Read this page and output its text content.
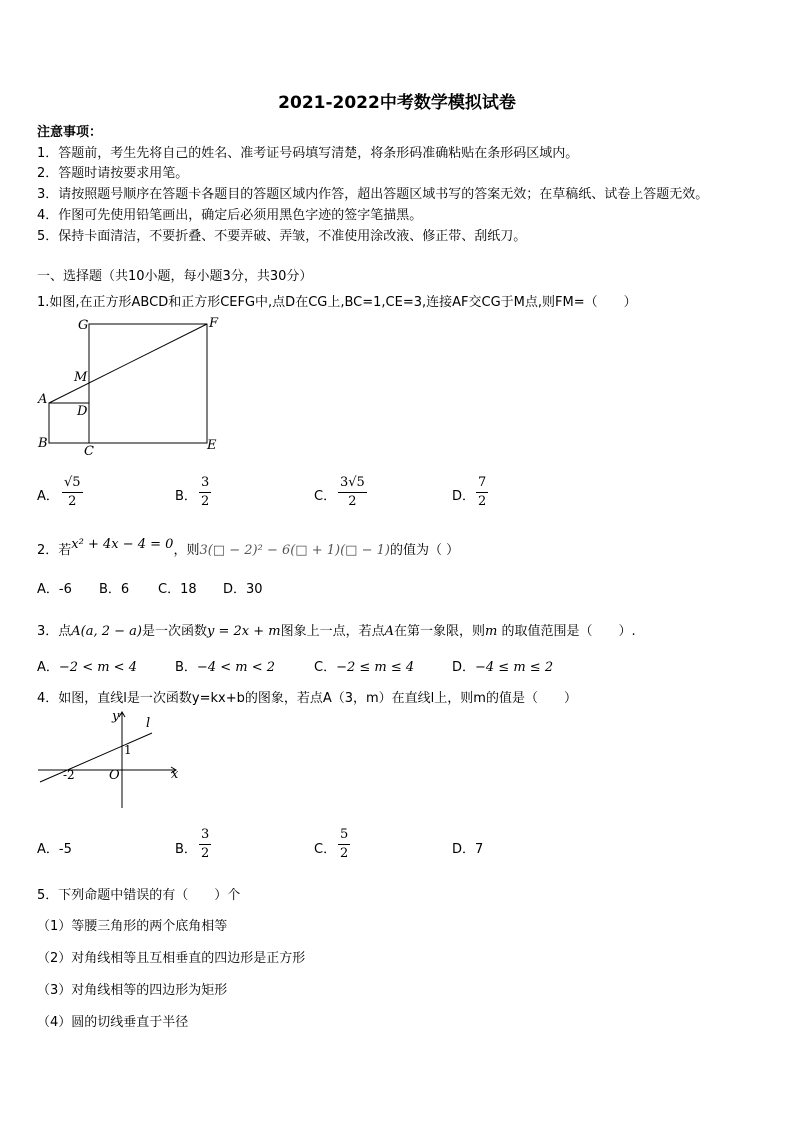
2021-2022中考数学模拟试卷
注意事项：
1．答题前，考生先将自己的姓名、准考证号码填写清楚，将条形码准确粘贴在条形码区域内。
2．答题时请按要求用笔。
3．请按照题号顺序在答题卡各题目的答题区域内作答，超出答题区域书写的答案无效；在草稿纸、试卷上答题无效。
4．作图可先使用铅笔画出，确定后必须用黑色字迹的签字笔描黑。
5．保持卡面清洁，不要折叠、不要弄破、弄皱，不准使用涂改液、修正带、刮纸刀。
一、选择题（共10小题，每小题3分，共30分）
1.如图,在正方形ABCD和正方形CEFG中,点D在CG上,BC=1,CE=3,连接AF交CG于M点,则FM=（　　）
G	F
M
A
D
B
C	E
A． $\frac{√5}{2}$	B． $\frac{3}{2}$	C． $\frac{3√5}{2}$	D． $\frac{7}{2}$
2．若x² + 4x − 4 = 0，则3(□ − 2)² − 6(□ + 1)(□ − 1)的值为（ ）
A．-6 B．6 C．18 D．30
3．点A(a, 2 − a)是一次函数y = 2x + m图象上一点，若点A在第一象限，则m 的取值范围是（　　）.
A．−2 < m < 4	B．−4 < m < 2	C．−2 ≤ m ≤ 4	D．−4 ≤ m ≤ 2
4．如图，直线l是一次函数y=kx+b的图象，若点A（3，m）在直线l上，则m的值是（　　）
y l
1
-2	O	x
A．-5	B． $\frac{3}{2}$	C． $\frac{5}{2}$	D．7
5．下列命题中错误的有（　　）个
（1）等腰三角形的两个底角相等
（2）对角线相等且互相垂直的四边形是正方形
（3）对角线相等的四边形为矩形
（4）圆的切线垂直于半径
